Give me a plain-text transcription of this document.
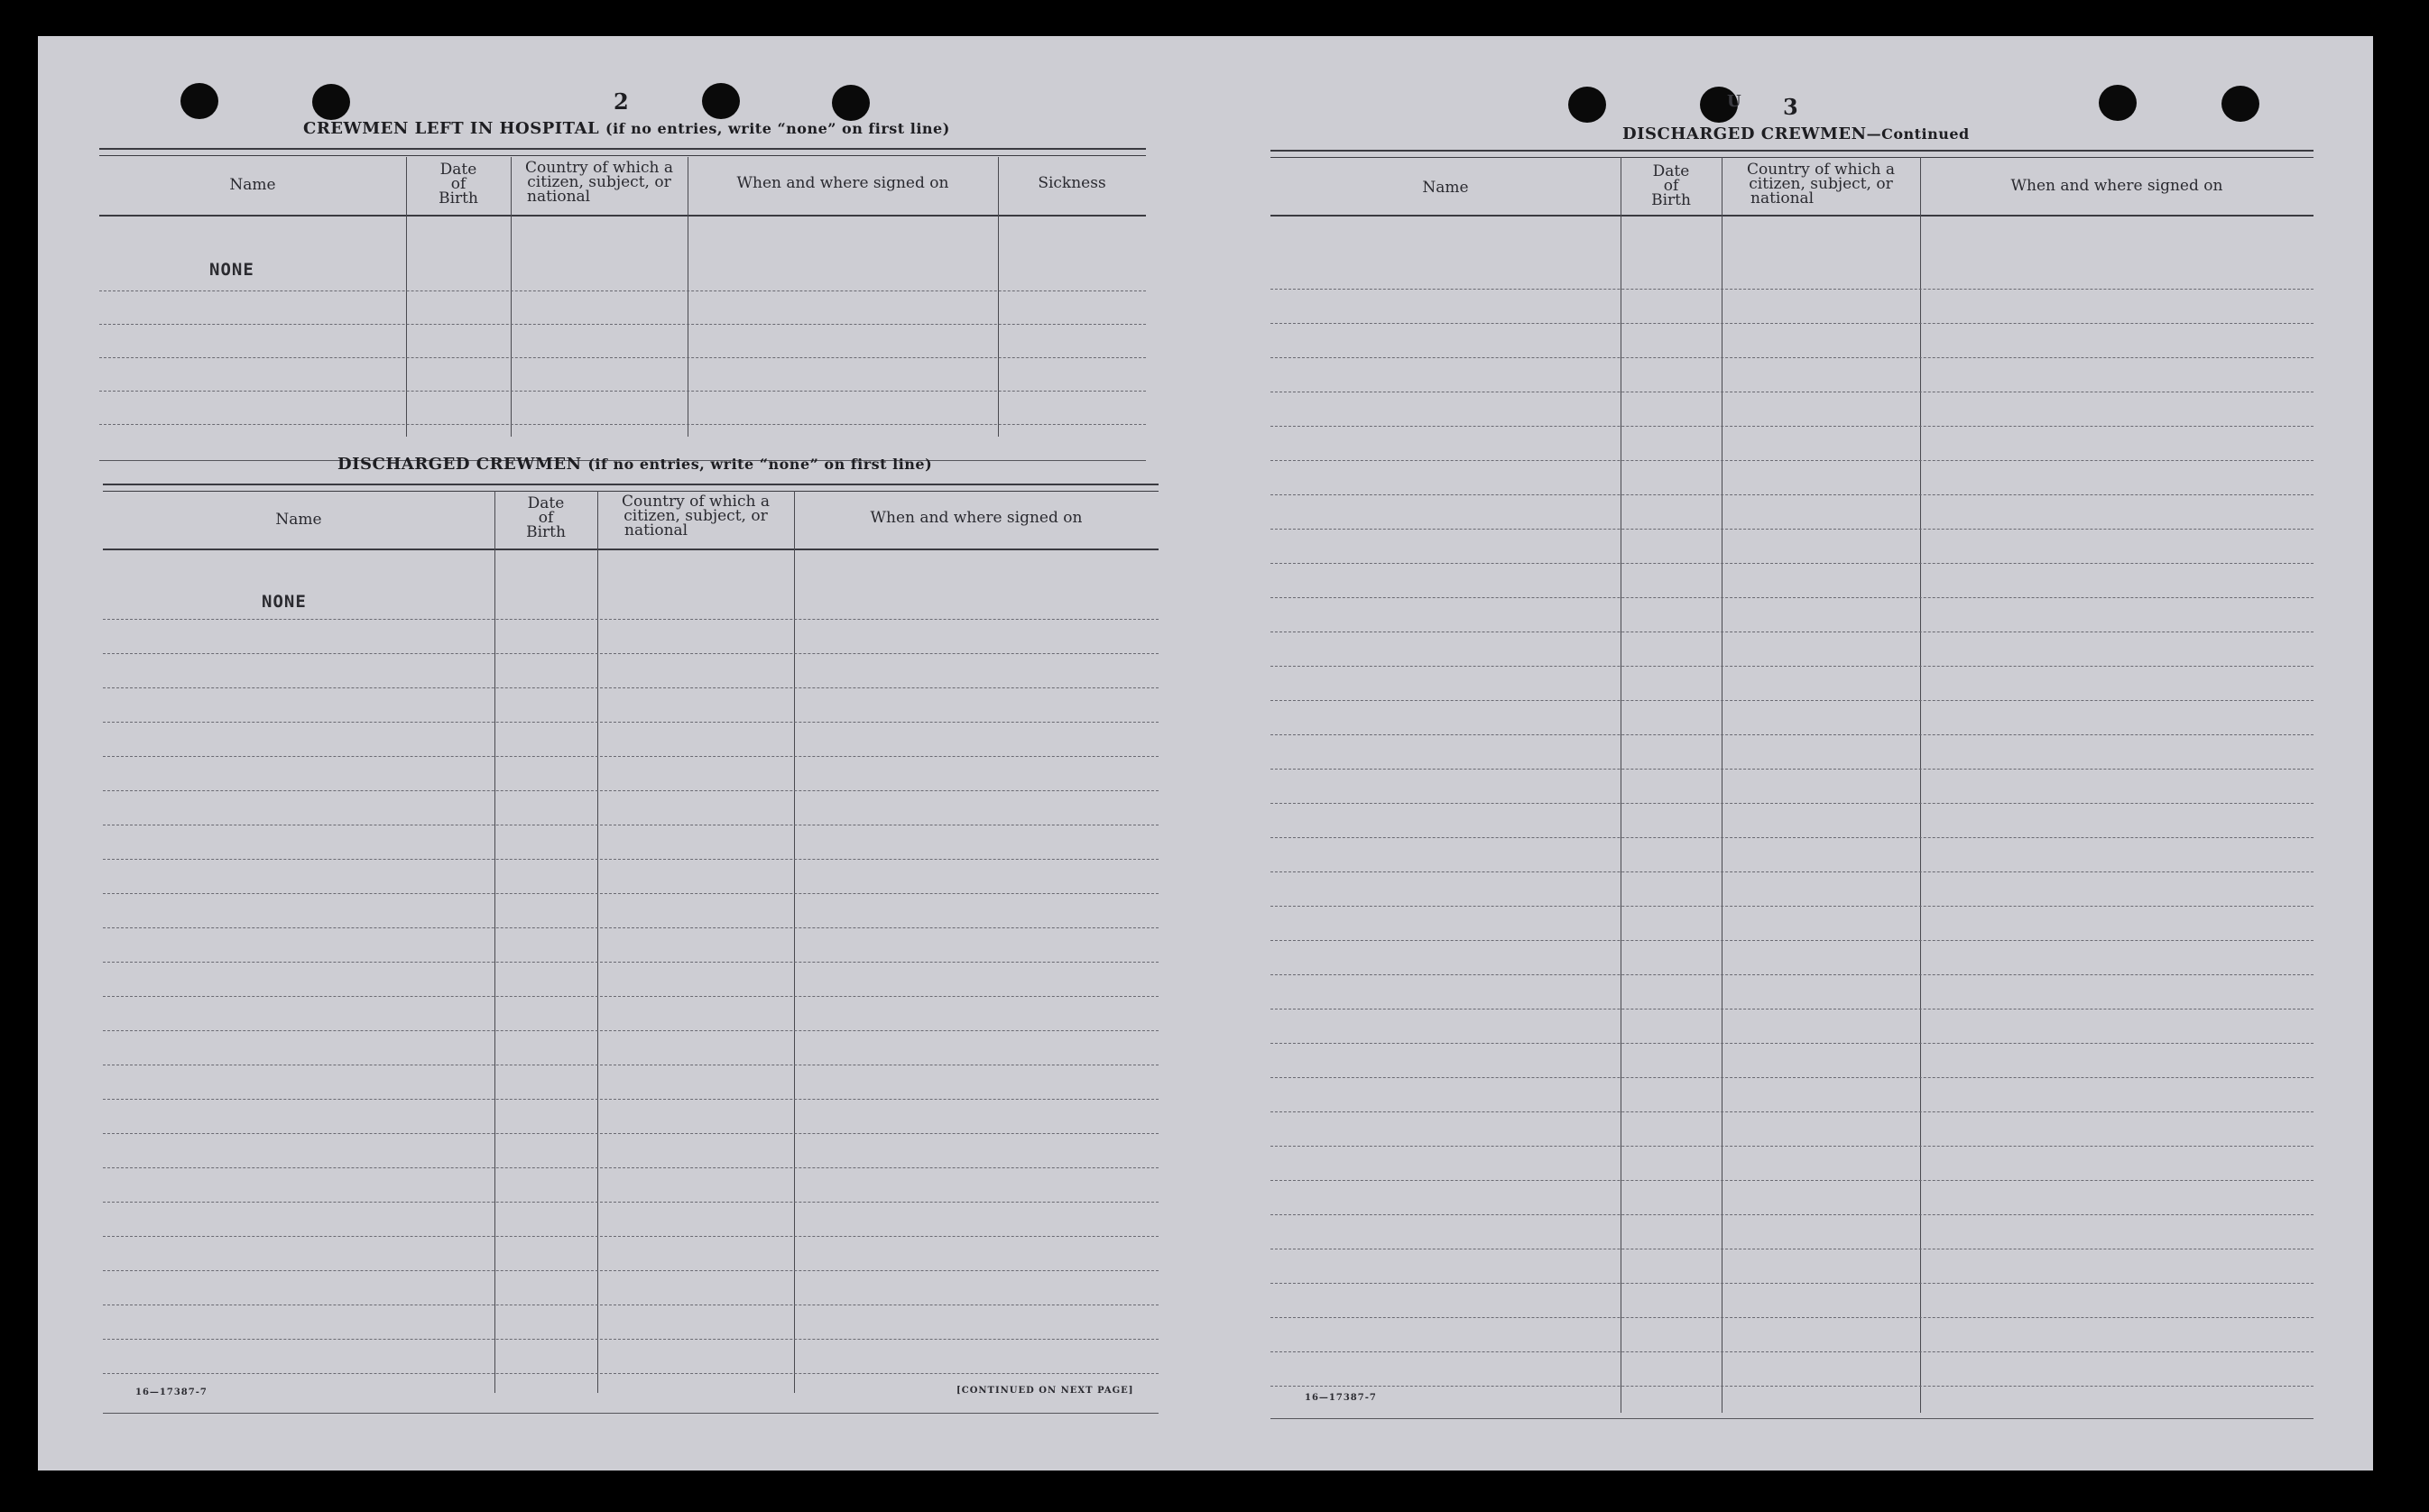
2
CREWMEN LEFT IN HOSPITAL (if no entries, write “none” on first line)
Name
Date
of
Birth
Country of which a
citizen, subject, or
national
When and where signed on	Sickness
NONE
DISCHARGED CREWMEN (if no entries, write “none” on first line)
Name
Date
of
Birth
Country of which a
citizen, subject, or
national
When and where signed on
NONE
16—17387-7	[CONTINUED ON NEXT PAGE]
U 3
DISCHARGED CREWMEN—Continued
Name
Date
of
Birth
Country of which a
citizen, subject, or
national
When and where signed on
16—17387-7
